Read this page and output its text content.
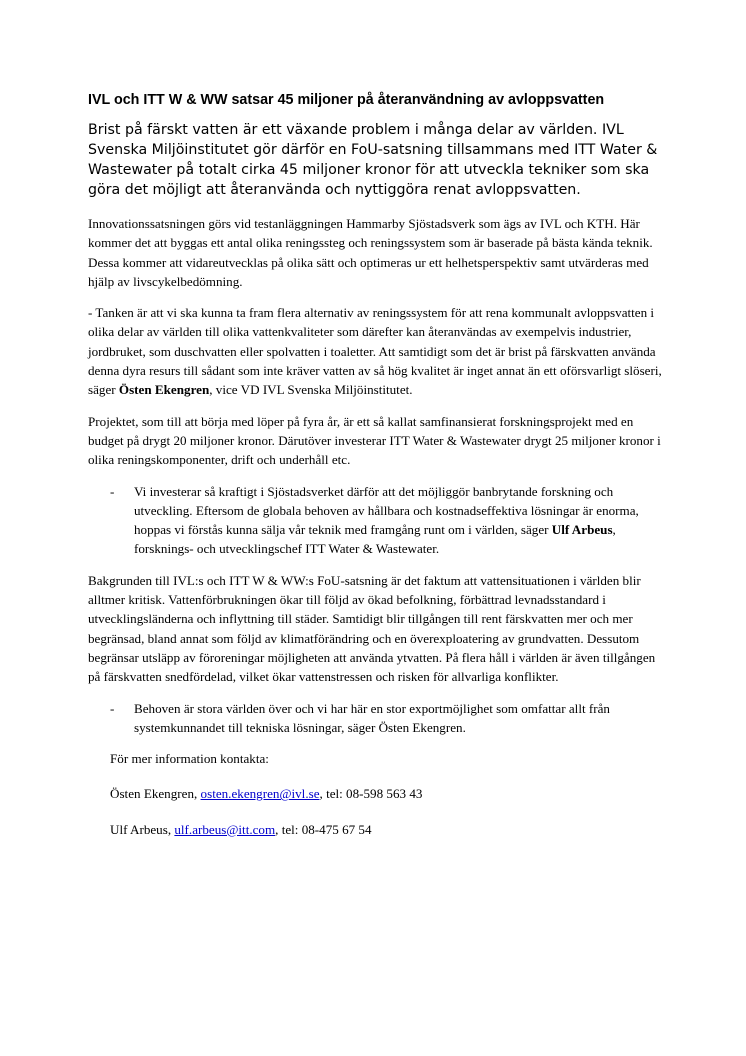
IVL och ITT W & WW satsar 45 miljoner på återanvändning av avloppsvatten

Brist på färskt vatten är ett växande problem i många delar av världen. IVL Svenska Miljöinstitutet gör därför en FoU-satsning tillsammans med ITT Water & Wastewater på totalt cirka 45 miljoner kronor för att utveckla tekniker som ska göra det möjligt att återanvända och nyttiggöra renat avloppsvatten.

Innovationssatsningen görs vid testanläggningen Hammarby Sjöstadsverk som ägs av IVL och KTH. Här kommer det att byggas ett antal olika reningssteg och reningssystem som är baserade på bästa kända teknik. Dessa kommer att vidareutvecklas på olika sätt och optimeras ur ett helhetsperspektiv samt utvärderas med hjälp av livscykelbedömning.

- Tanken är att vi ska kunna ta fram flera alternativ av reningssystem för att rena kommunalt avloppsvatten i olika delar av världen till olika vattenkvaliteter som därefter kan återanvändas av exempelvis industrier, jordbruket, som duschvatten eller spolvatten i toaletter. Att samtidigt som det är brist på färskvatten använda denna dyra resurs till sådant som inte kräver vatten av så hög kvalitet är inget annat än ett oförsvarligt slöseri, säger Östen Ekengren, vice VD IVL Svenska Miljöinstitutet.

Projektet, som till att börja med löper på fyra år, är ett så kallat samfinansierat forskningsprojekt med en budget på drygt 20 miljoner kronor. Därutöver investerar ITT Water & Wastewater drygt 25 miljoner kronor i olika reningskomponenter, drift och underhåll etc.

- Vi investerar så kraftigt i Sjöstadsverket därför att det möjliggör banbrytande forskning och utveckling. Eftersom de globala behoven av hållbara och kostnadseffektiva lösningar är enorma, hoppas vi förstås kunna sälja vår teknik med framgång runt om i världen, säger Ulf Arbeus, forsknings- och utvecklingschef ITT Water & Wastewater.

Bakgrunden till IVL:s och ITT W & WW:s FoU-satsning är det faktum att vattensituationen i världen blir alltmer kritisk. Vattenförbrukningen ökar till följd av ökad befolkning, förbättrad levnadsstandard i utvecklingsländerna och inflyttning till städer. Samtidigt blir tillgången till rent färskvatten mer och mer begränsad, bland annat som följd av klimatförändring och en överexploatering av grundvatten. Dessutom begränsar utsläpp av föroreningar möjligheten att använda ytvatten. På flera håll i världen är även tillgången på färskvatten snedfördelad, vilket ökar vattenstressen och risken för allvarliga konflikter.

- Behoven är stora världen över och vi har här en stor exportmöjlighet som omfattar allt från systemkunnandet till tekniska lösningar, säger Östen Ekengren.

För mer information kontakta:

Östen Ekengren, osten.ekengren@ivl.se, tel: 08-598 563 43

Ulf Arbeus, ulf.arbeus@itt.com, tel: 08-475 67 54
